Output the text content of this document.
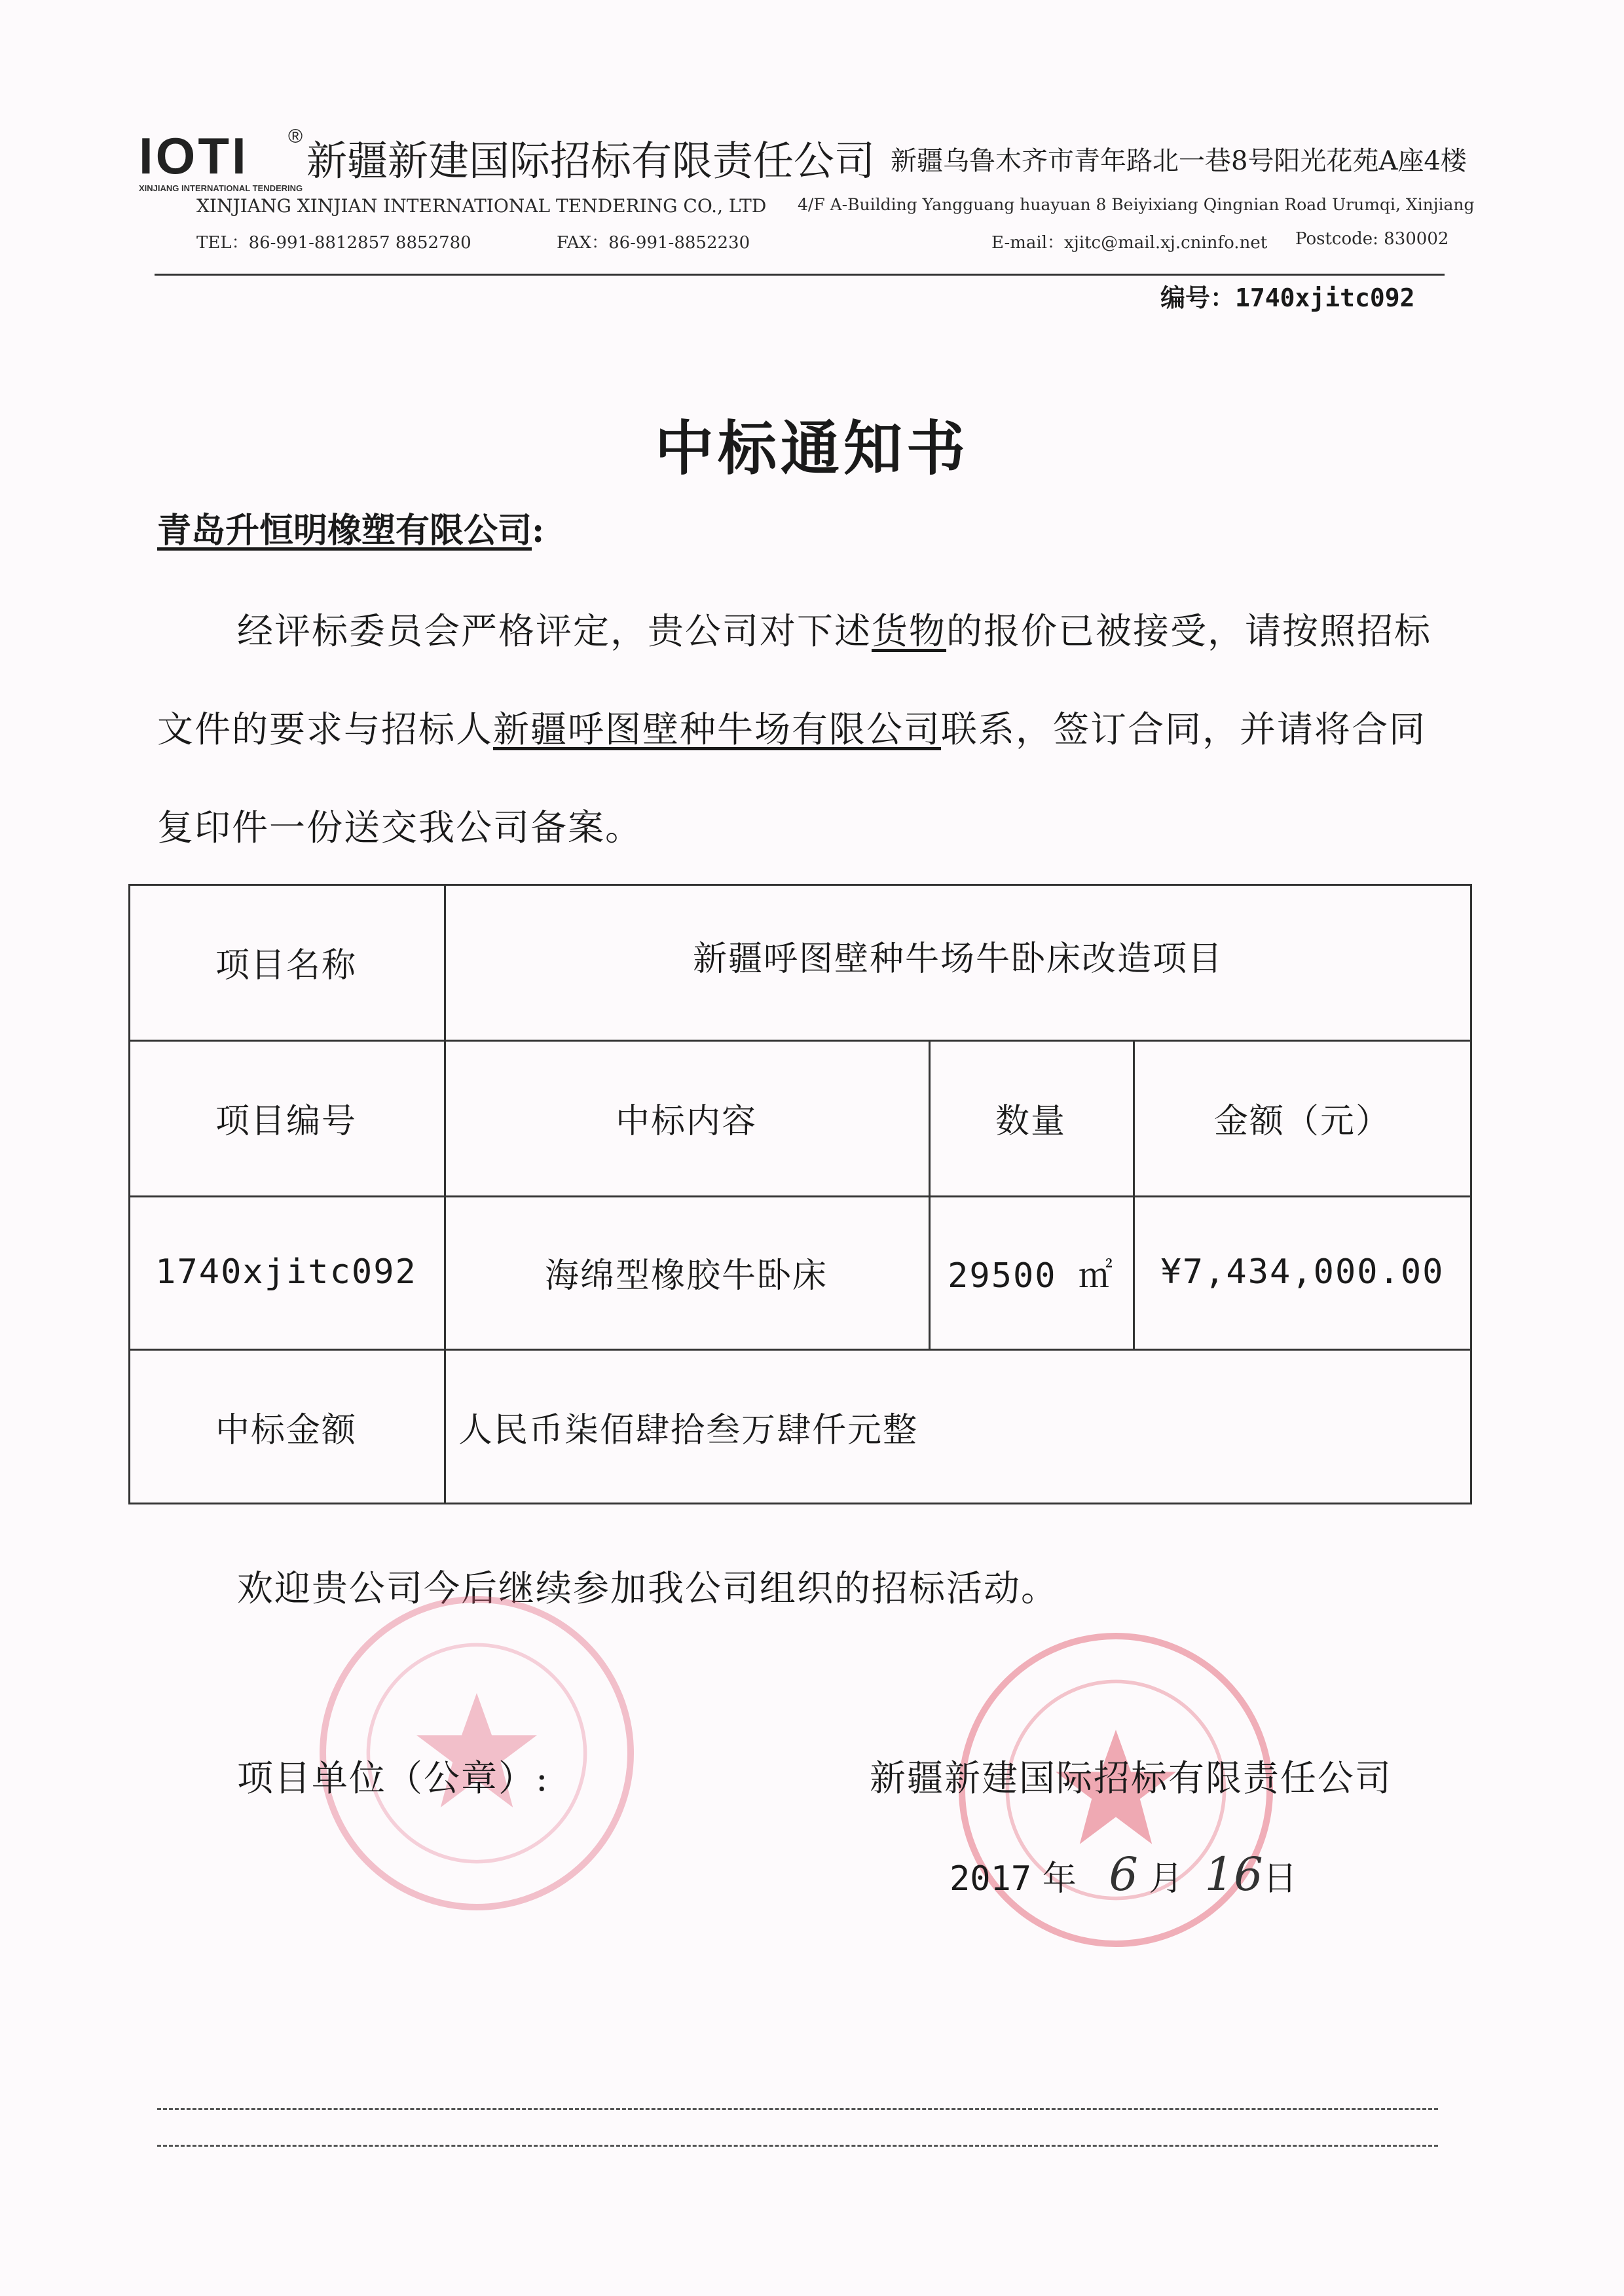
IOTI ®
XINJIANG INTERNATIONAL TENDERING
新疆新建国际招标有限责任公司 新疆乌鲁木齐市青年路北一巷8号阳光花苑A座4楼
XINJIANG XINJIAN INTERNATIONAL TENDERING CO., LTD 4/F A-Building Yangguang huayuan 8 Beiyixiang Qingnian Road Urumqi, Xinjiang
TEL：86-991-8812857 8852780	FAX：86-991-8852230	E-mail：xjitc@mail.xj.cninfo.net Postcode: 830002
编号：1740xjitc092
中标通知书
青岛升恒明橡塑有限公司:
经评标委员会严格评定，贵公司对下述货物的报价已被接受，请按照招标
文件的要求与招标人新疆呼图壁种牛场有限公司联系，签订合同，并请将合同
复印件一份送交我公司备案。
项目名称	新疆呼图壁种牛场牛卧床改造项目
项目编号	中标内容	数量	金额（元）
1740xjitc092	海绵型橡胶牛卧床	29500 ㎡	¥7,434,000.00
中标金额	人民币柒佰肆拾叁万肆仟元整
欢迎贵公司今后继续参加我公司组织的招标活动。
项目单位（公章）:	新疆新建国际招标有限责任公司
2017 年 6 月 16日
